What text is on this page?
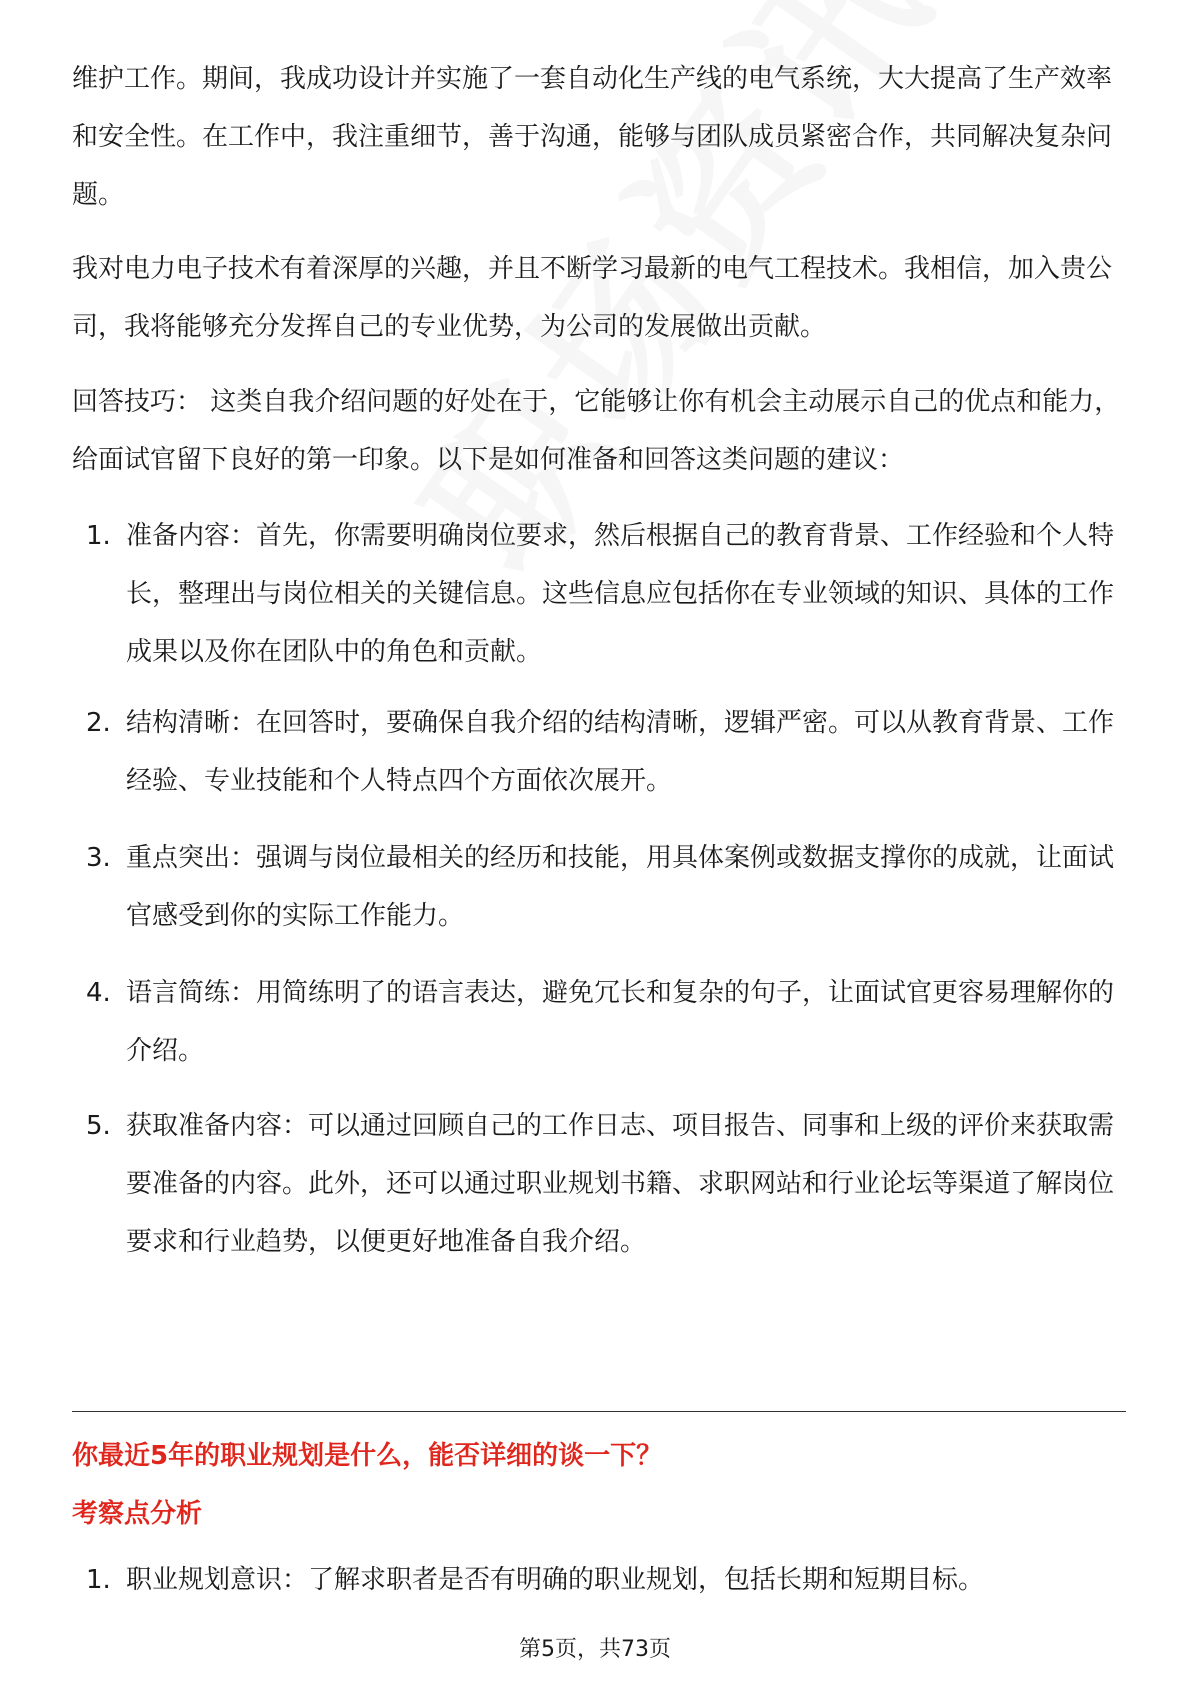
维护工作。期间，我成功设计并实施了一套自动化生产线的电气系统，大大提高了生产效率和安全性。在工作中，我注重细节，善于沟通，能够与团队成员紧密合作，共同解决复杂问题。

我对电力电子技术有着深厚的兴趣，并且不断学习最新的电气工程技术。我相信，加入贵公司，我将能够充分发挥自己的专业优势，为公司的发展做出贡献。

回答技巧： 这类自我介绍问题的好处在于，它能够让你有机会主动展示自己的优点和能力，给面试官留下良好的第一印象。以下是如何准备和回答这类问题的建议：

1. 准备内容：首先，你需要明确岗位要求，然后根据自己的教育背景、工作经验和个人特长，整理出与岗位相关的关键信息。这些信息应包括你在专业领域的知识、具体的工作成果以及你在团队中的角色和贡献。

2. 结构清晰：在回答时，要确保自我介绍的结构清晰，逻辑严密。可以从教育背景、工作经验、专业技能和个人特点四个方面依次展开。

3. 重点突出：强调与岗位最相关的经历和技能，用具体案例或数据支撑你的成就，让面试官感受到你的实际工作能力。

4. 语言简练：用简练明了的语言表达，避免冗长和复杂的句子，让面试官更容易理解你的介绍。

5. 获取准备内容：可以通过回顾自己的工作日志、项目报告、同事和上级的评价来获取需要准备的内容。此外，还可以通过职业规划书籍、求职网站和行业论坛等渠道了解岗位要求和行业趋势，以便更好地准备自我介绍。

你最近5年的职业规划是什么，能否详细的谈一下？
考察点分析
1. 职业规划意识：了解求职者是否有明确的职业规划，包括长期和短期目标。

第5页，共73页
